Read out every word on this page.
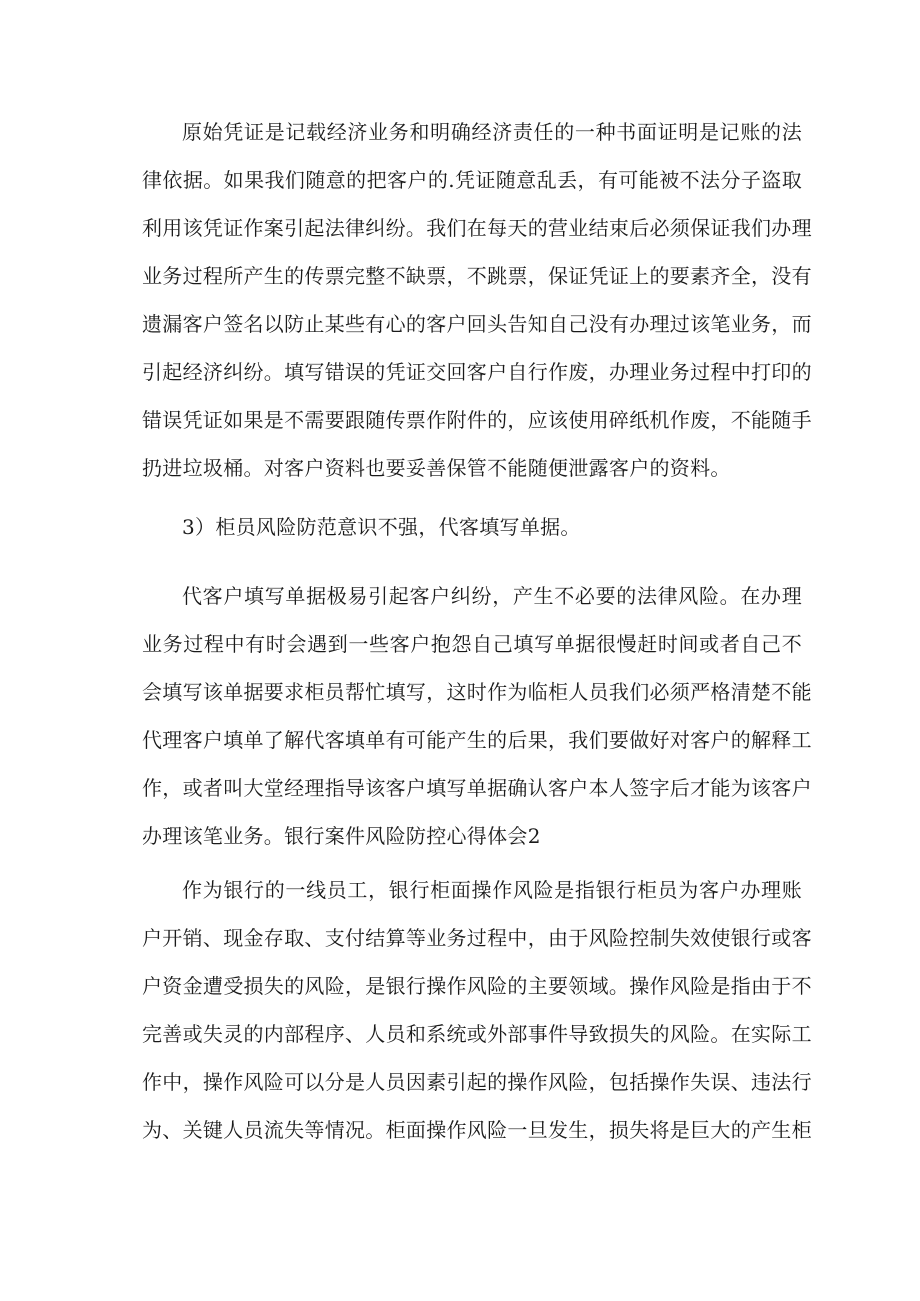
原始凭证是记载经济业务和明确经济责任的一种书面证明是记账的法
律依据。如果我们随意的把客户的.凭证随意乱丢，有可能被不法分子盗取
利用该凭证作案引起法律纠纷。我们在每天的营业结束后必须保证我们办理
业务过程所产生的传票完整不缺票，不跳票，保证凭证上的要素齐全，没有
遗漏客户签名以防止某些有心的客户回头告知自己没有办理过该笔业务，而
引起经济纠纷。填写错误的凭证交回客户自行作废，办理业务过程中打印的
错误凭证如果是不需要跟随传票作附件的，应该使用碎纸机作废，不能随手
扔进垃圾桶。对客户资料也要妥善保管不能随便泄露客户的资料。
3）柜员风险防范意识不强，代客填写单据。
代客户填写单据极易引起客户纠纷，产生不必要的法律风险。在办理
业务过程中有时会遇到一些客户抱怨自己填写单据很慢赶时间或者自己不
会填写该单据要求柜员帮忙填写，这时作为临柜人员我们必须严格清楚不能
代理客户填单了解代客填单有可能产生的后果，我们要做好对客户的解释工
作，或者叫大堂经理指导该客户填写单据确认客户本人签字后才能为该客户
办理该笔业务。银行案件风险防控心得体会2
作为银行的一线员工，银行柜面操作风险是指银行柜员为客户办理账
户开销、现金存取、支付结算等业务过程中，由于风险控制失效使银行或客
户资金遭受损失的风险，是银行操作风险的主要领域。操作风险是指由于不
完善或失灵的内部程序、人员和系统或外部事件导致损失的风险。在实际工
作中，操作风险可以分是人员因素引起的操作风险，包括操作失误、违法行
为、关键人员流失等情况。柜面操作风险一旦发生，损失将是巨大的产生柜
